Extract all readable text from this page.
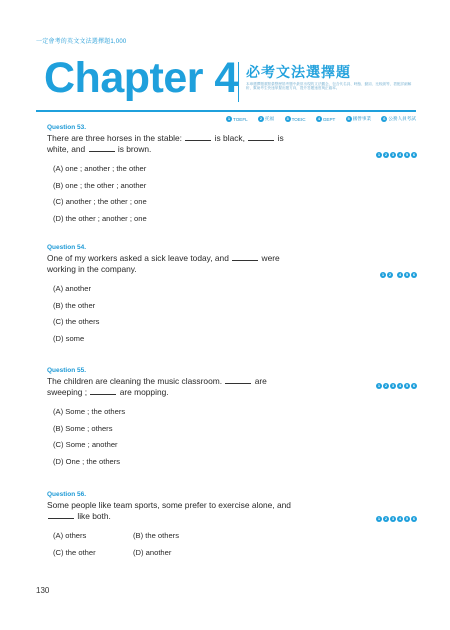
一定會考的英文文法選擇題1,000
Chapter 4 必考文法選擇題
本章選擇題重點彙整歷屆考題中最常出現的文法觀念，包含代名詞、時態、動詞、比較級等，搭配詳細解析，幫助考生快速掌握出題方向，提升答題速度與正確率。
1 TOEFL	2 托福	3 TOEIC	4 GEPT	5 國營事業	6 公務人員考試
Question 53.
1	2	3	4	5	6
There are three horses in the stable:	is black,	is
white, and	is brown.
(A) one ; another ; the other
(B) one ; the other ; another
(C) another ; the other ; one
(D) the other ; another ; one
Question 54.
1	2	4	5	6
One of my workers asked a sick leave today, and	were
working in the company.
(A) another
(B) the other
(C) the others
(D) some
Question 55.
1	2	3	4	5	6
The children are cleaning the music classroom.	are
sweeping ;	are mopping.
(A) Some ; the others
(B) Some ; others
(C) Some ; another
(D) One ; the others
Question 56.
1	2	3	4	5	6
Some people like team sports, some prefer to exercise alone, and
like both.
(A) others	(B) the others
(C) the other	(D) another
130
